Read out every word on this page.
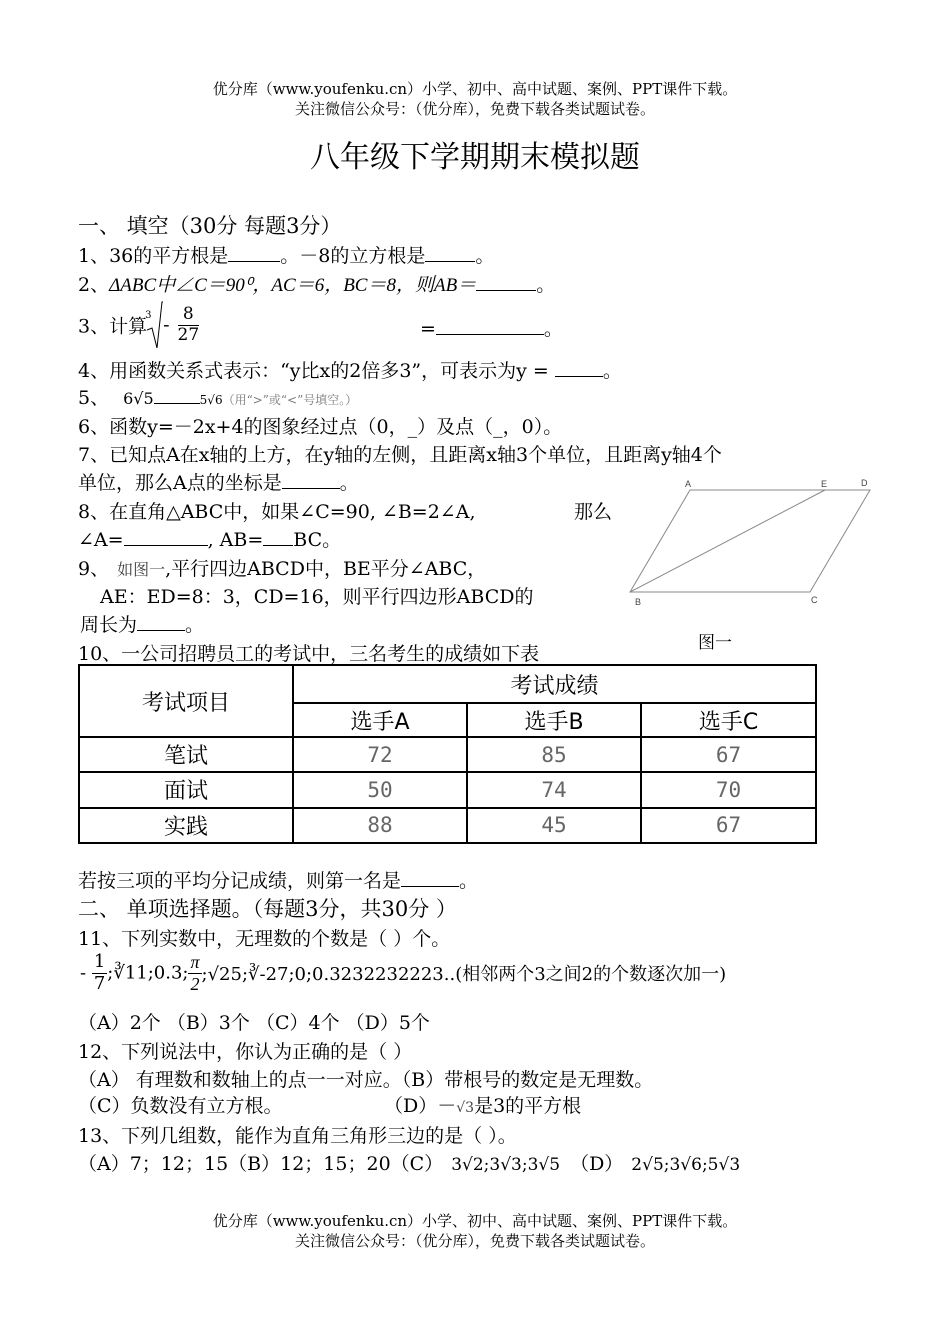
优分库（www.youfenku.cn）小学、初中、高中试题、案例、PPT课件下载。
关注微信公众号：（优分库），免费下载各类试题试卷。
八年级下学期期末模拟题
一、 填空（30分 每题3分）
1、36的平方根是	。－8的立方根是	。
2、ΔABC中∠C＝90⁰，AC＝6，BC＝8，则AB＝	。
3、计算
$3 - \frac{8}{27}$	=	。
4、用函数关系式表示：“y比x的2倍多3”，可表示为y =	。
5、 6√5	5√6（用“>”或“<”号填空。）
6、函数y=－2x+4的图象经过点（0，_）及点（_，0）。
7、已知点A在x轴的上方，在y轴的左侧，且距离x轴3个单位，且距离y轴4个
单位，那么A点的坐标是	。
8、在直角△ABC中，如果∠C=90, ∠B=2∠A,	那么
∠A=	, AB= BC。
9、 如图一,平行四边ABCD中，BE平分∠ABC，
AE：ED=8：3，CD=16，则平行四边形ABCD的
周长为	。
A	E	D
B	C
图一
10、一公司招聘员工的考试中，三名考生的成绩如下表
考试项目	考试成绩		
	选手A	选手B	选手C
笔试	72	85	67
面试	50	74	70
实践	88	45	67
若按三项的平均分记成绩，则第一名是	。
二、 单项选择题。（每题3分，共30分 ）
11、下列实数中，无理数的个数是（ ）个。
- $\frac{1}{7}$ ;∛11;0.3; $\frac{\pi}{2}$ ;√25;∛-27;0;0.3232232223..(相邻两个3之间2的个数逐次加一)
（A）2个 （B）3个 （C）4个 （D）5个
12、下列说法中，你认为正确的是（ ）
（A） 有理数和数轴上的点一一对应。（B）带根号的数定是无理数。
（C）负数没有立方根。	（D）－√3是3的平方根
13、下列几组数，能作为直角三角形三边的是（ ）。
（A）7；12；15（B）12；15；20（C） 3√2;3√3;3√5 （D） 2√5;3√6;5√3
优分库（www.youfenku.cn）小学、初中、高中试题、案例、PPT课件下载。
关注微信公众号：（优分库），免费下载各类试题试卷。
